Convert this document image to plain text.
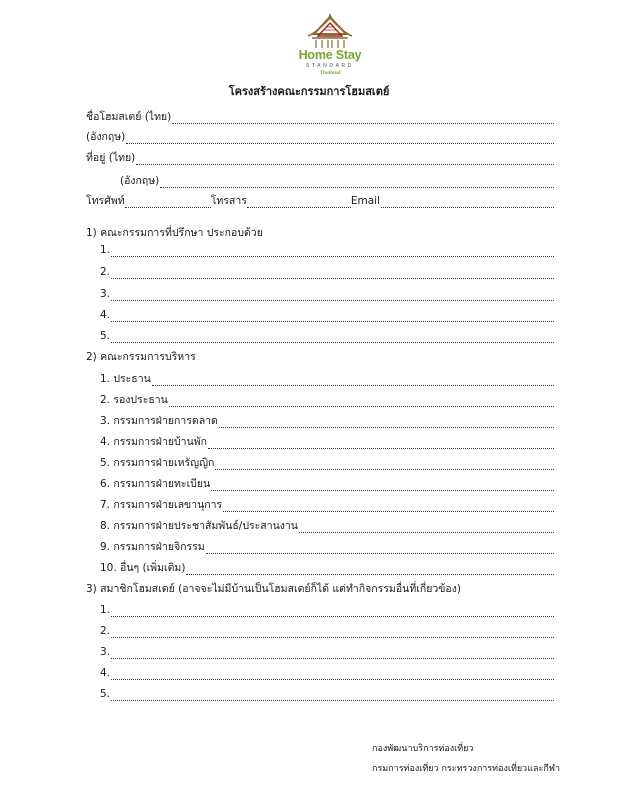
Home Stay
STANDARD
Thailand
โครงสร้างคณะกรรมการโฮมสเตย์
ชื่อโฮมสเตย์ (ไทย)
(อังกฤษ)
ที่อยู่ (ไทย)
(อังกฤษ)
โทรศัพท์	โทรสาร	Email
1) คณะกรรมการที่ปรึกษา ประกอบด้วย
1.
2.
3.
4.
5.
2) คณะกรรมการบริหาร
1. ประธาน
2. รองประธาน
3. กรรมการฝ่ายการตลาด
4. กรรมการฝ่ายบ้านพัก
5. กรรมการฝ่ายเหรัญญิก
6. กรรมการฝ่ายทะเบียน
7. กรรมการฝ่ายเลขานุการ
8. กรรมการฝ่ายประชาสัมพันธ์/ประสานงาน
9. กรรมการฝ่ายจิกรรม
10. อื่นๆ (เพิ่มเติม)
3) สมาชิกโฮมสเตย์ (อาจจะไม่มีบ้านเป็นโฮมสเตย์ก็ได้ แต่ทำกิจกรรมอื่นที่เกี่ยวข้อง)
1.
2.
3.
4.
5.
กองพัฒนาบริการท่องเที่ยว
กรมการท่องเที่ยว กระทรวงการท่องเที่ยวและกีฬา
